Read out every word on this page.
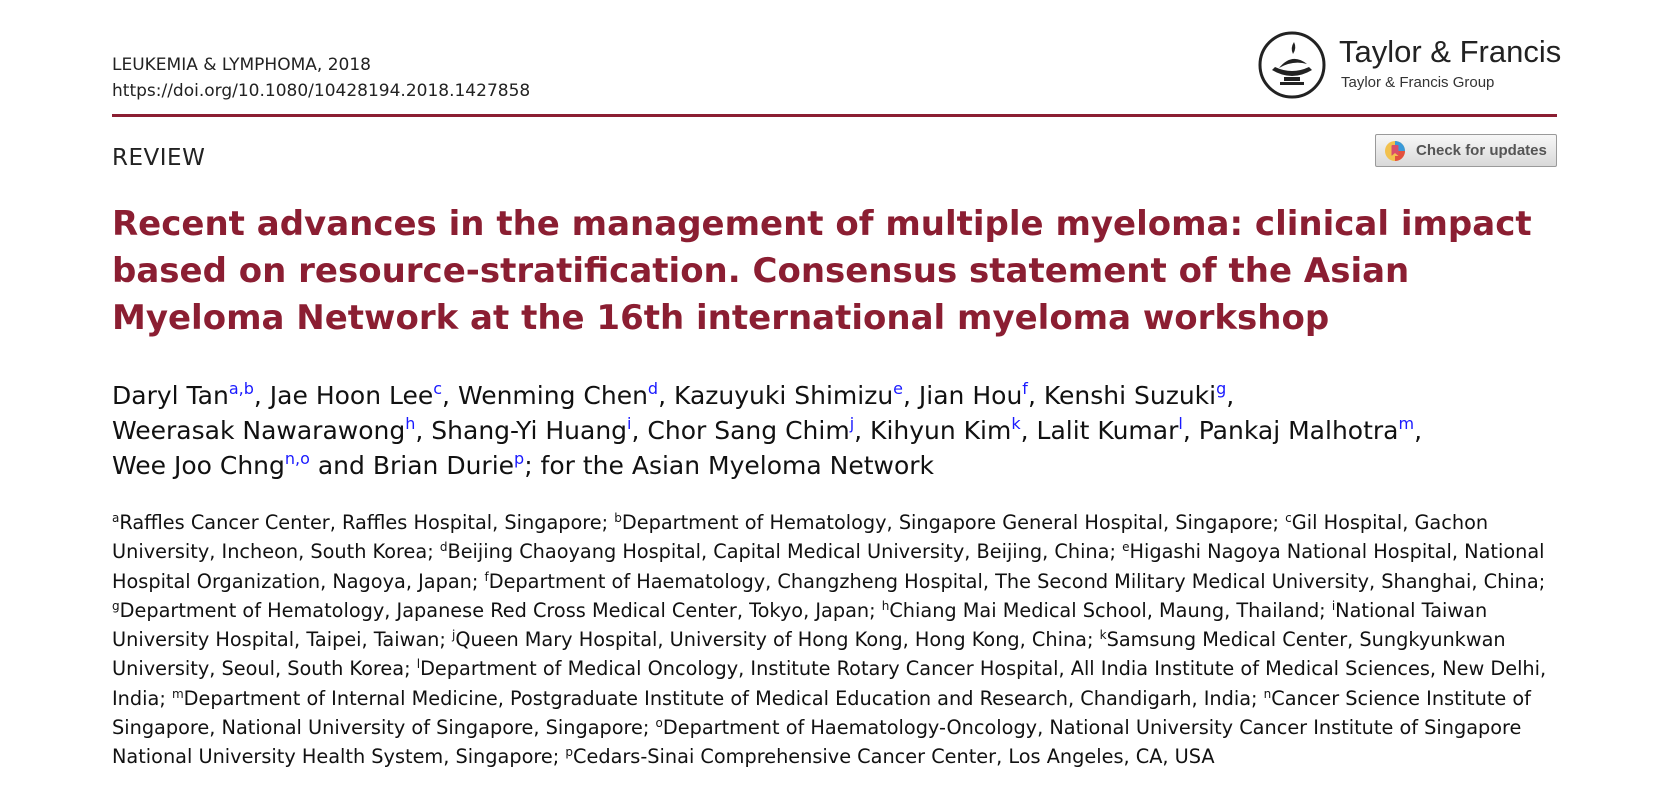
LEUKEMIA & LYMPHOMA, 2018
https://doi.org/10.1080/10428194.2018.1427858
Taylor & Francis
Taylor & Francis Group
REVIEW	Check for updates
Recent advances in the management of multiple myeloma: clinical impact based on resource-stratification. Consensus statement of the Asian Myeloma Network at the 16th international myeloma workshop
Daryl Tan$^{a,b}$, Jae Hoon Lee$^c$, Wenming Chen$^d$, Kazuyuki Shimizu$^e$, Jian Hou$^f$, Kenshi Suzuki$^g$,
Weerasak Nawarawong$^h$, Shang-Yi Huang$^i$, Chor Sang Chim$^j$, Kihyun Kim$^k$, Lalit Kumar$^l$, Pankaj Malhotra$^m$,
Wee Joo Chng$^{n,o}$ and Brian Durie$^p$; for the Asian Myeloma Network
$^a$Raffles Cancer Center, Raffles Hospital, Singapore; $^b$Department of Hematology, Singapore General Hospital, Singapore; $^c$Gil Hospital, Gachon University, Incheon, South Korea; $^d$Beijing Chaoyang Hospital, Capital Medical University, Beijing, China; $^e$Higashi Nagoya National Hospital, National Hospital Organization, Nagoya, Japan; $^f$Department of Haematology, Changzheng Hospital, The Second Military Medical University, Shanghai, China; $^g$Department of Hematology, Japanese Red Cross Medical Center, Tokyo, Japan; $^h$Chiang Mai Medical School, Maung, Thailand; $^i$National Taiwan University Hospital, Taipei, Taiwan; $^j$Queen Mary Hospital, University of Hong Kong, Hong Kong, China; $^k$Samsung Medical Center, Sungkyunkwan University, Seoul, South Korea; $^l$Department of Medical Oncology, Institute Rotary Cancer Hospital, All India Institute of Medical Sciences, New Delhi, India; $^m$Department of Internal Medicine, Postgraduate Institute of Medical Education and Research, Chandigarh, India; $^n$Cancer Science Institute of Singapore, National University of Singapore, Singapore; $^o$Department of Haematology-Oncology, National University Cancer Institute of Singapore National University Health System, Singapore; $^p$Cedars-Sinai Comprehensive Cancer Center, Los Angeles, CA, USA
